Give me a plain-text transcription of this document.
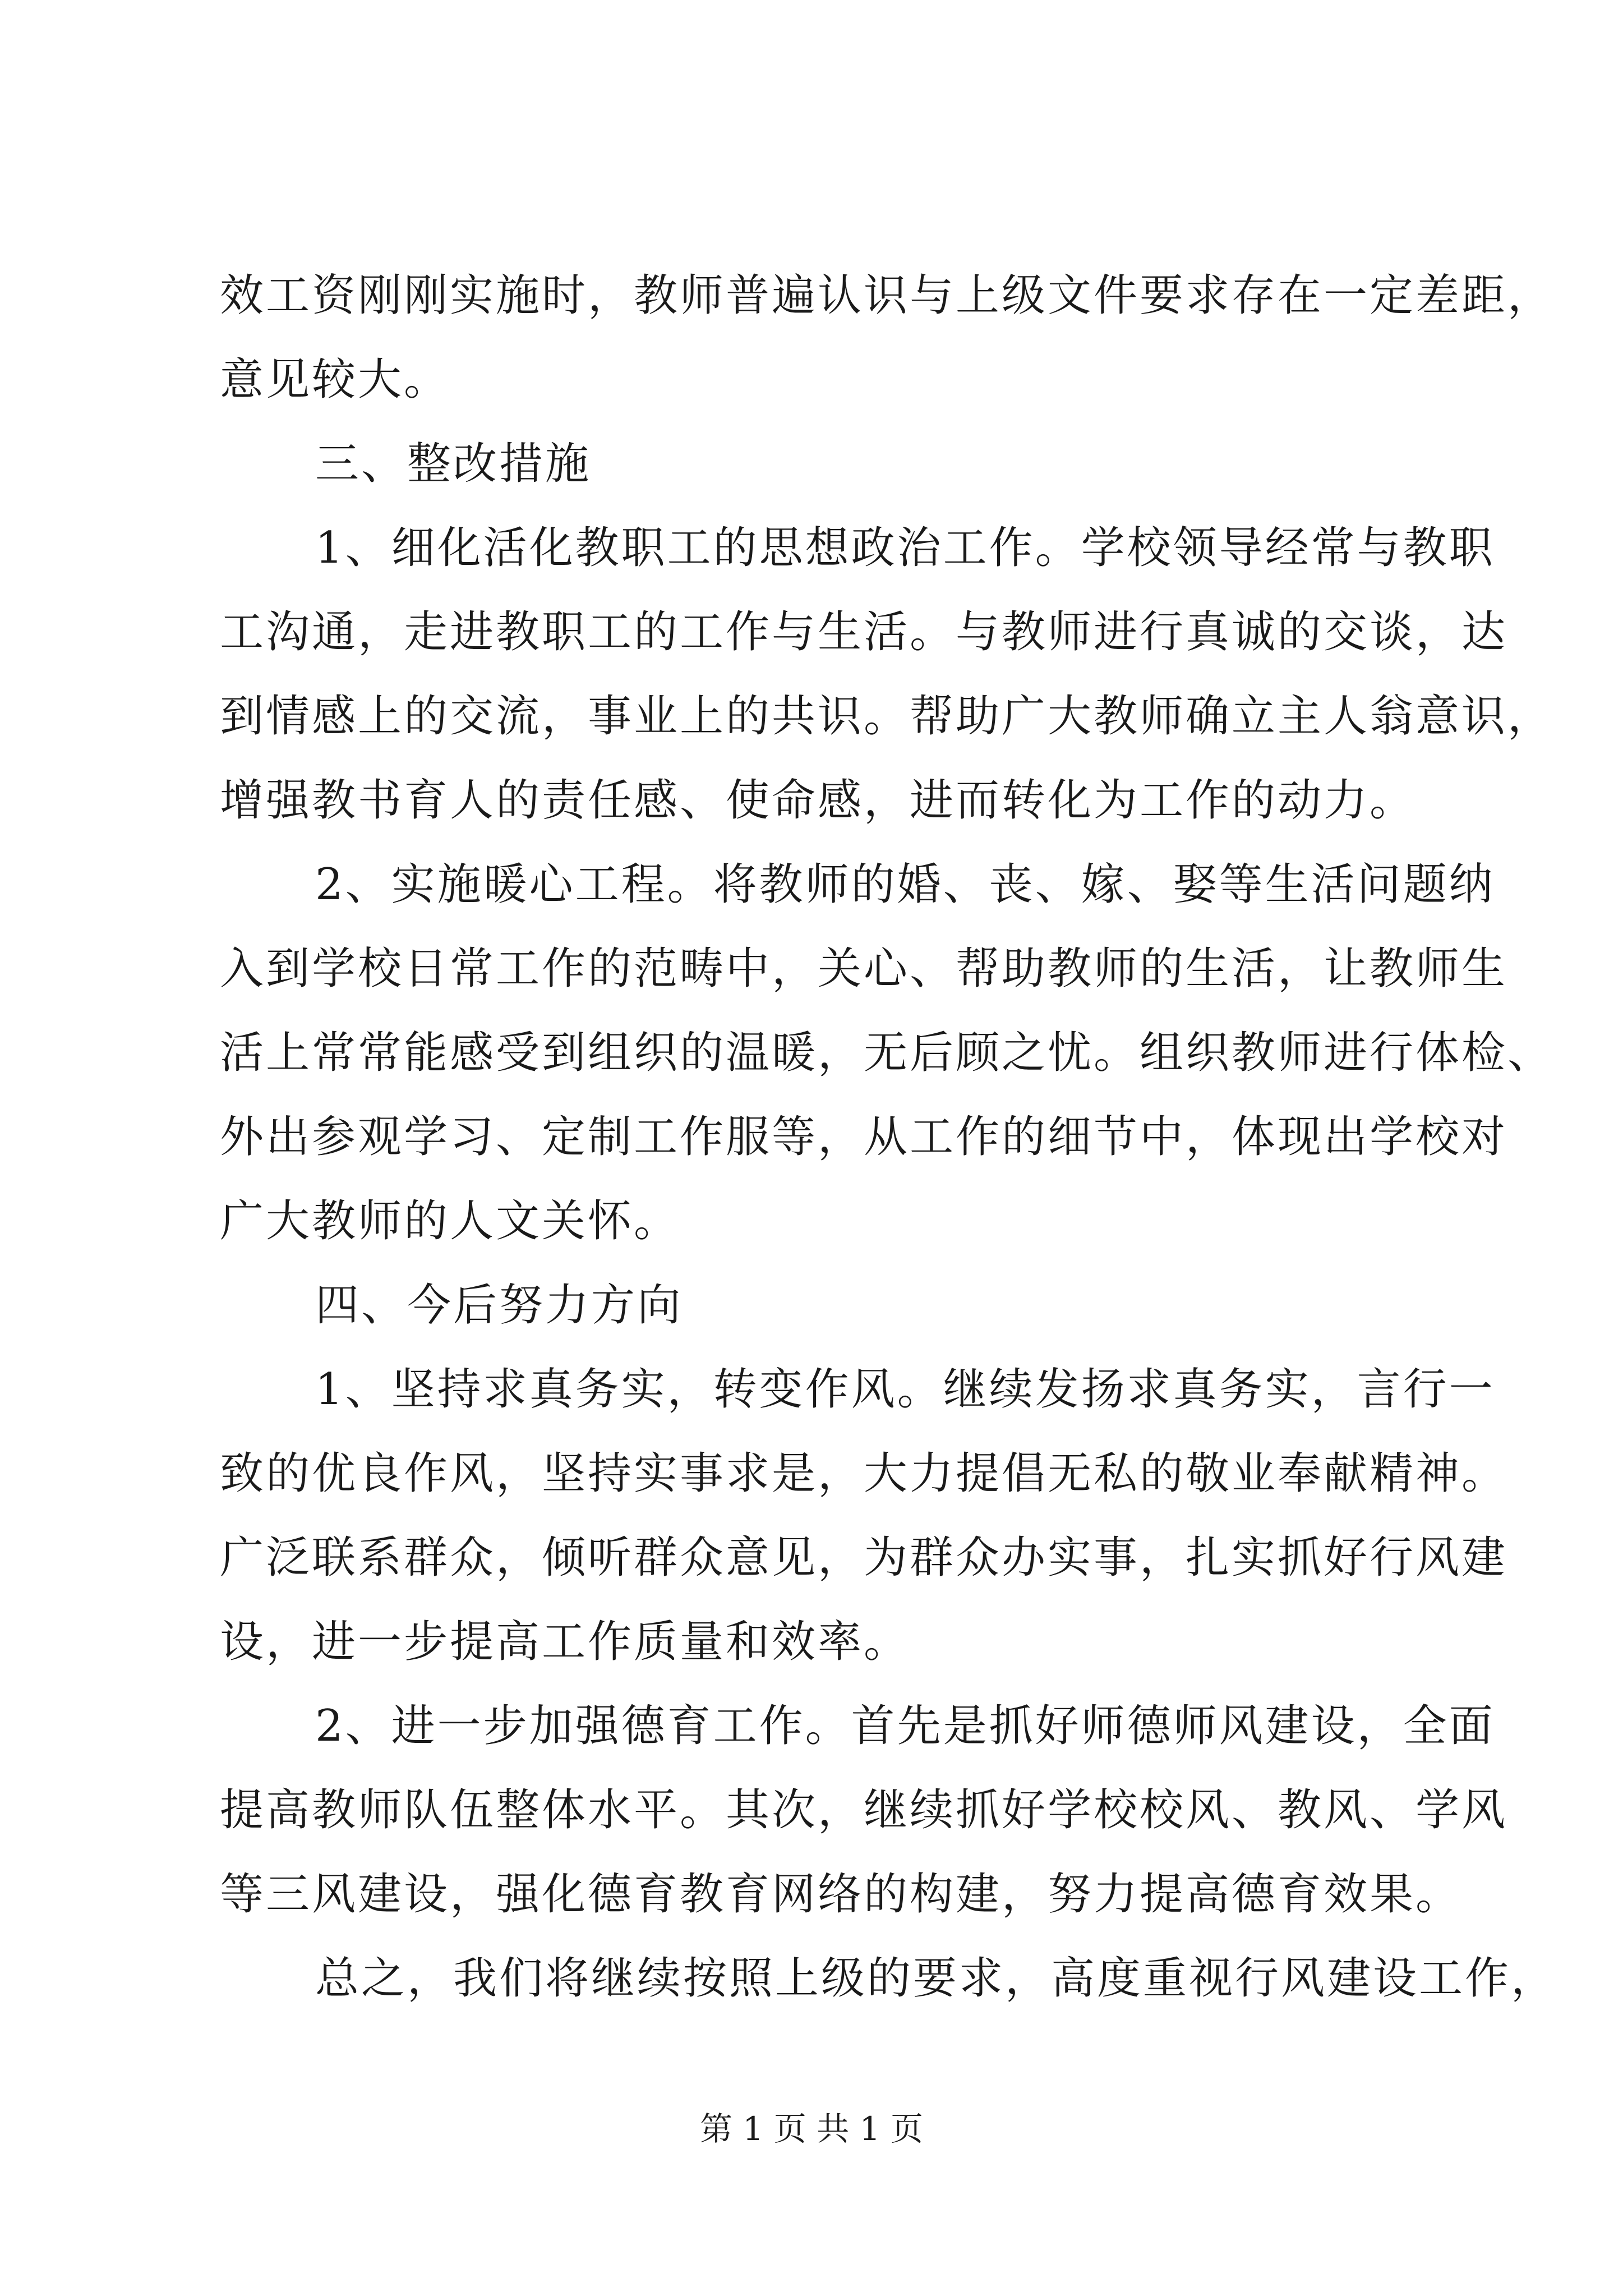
效工资刚刚实施时，教师普遍认识与上级文件要求存在一定差距，
意见较大。
三、整改措施
1、细化活化教职工的思想政治工作。学校领导经常与教职
工沟通，走进教职工的工作与生活。与教师进行真诚的交谈，达
到情感上的交流，事业上的共识。帮助广大教师确立主人翁意识，
增强教书育人的责任感、使命感，进而转化为工作的动力。
2、实施暖心工程。将教师的婚、丧、嫁、娶等生活问题纳
入到学校日常工作的范畴中，关心、帮助教师的生活，让教师生
活上常常能感受到组织的温暖，无后顾之忧。组织教师进行体检、
外出参观学习、定制工作服等，从工作的细节中，体现出学校对
广大教师的人文关怀。
四、今后努力方向
1、坚持求真务实，转变作风。继续发扬求真务实，言行一
致的优良作风，坚持实事求是，大力提倡无私的敬业奉献精神。
广泛联系群众，倾听群众意见，为群众办实事，扎实抓好行风建
设，进一步提高工作质量和效率。
2、进一步加强德育工作。首先是抓好师德师风建设，全面
提高教师队伍整体水平。其次，继续抓好学校校风、教风、学风
等三风建设，强化德育教育网络的构建，努力提高德育效果。
总之，我们将继续按照上级的要求，高度重视行风建设工作，
第 1 页 共 1 页
